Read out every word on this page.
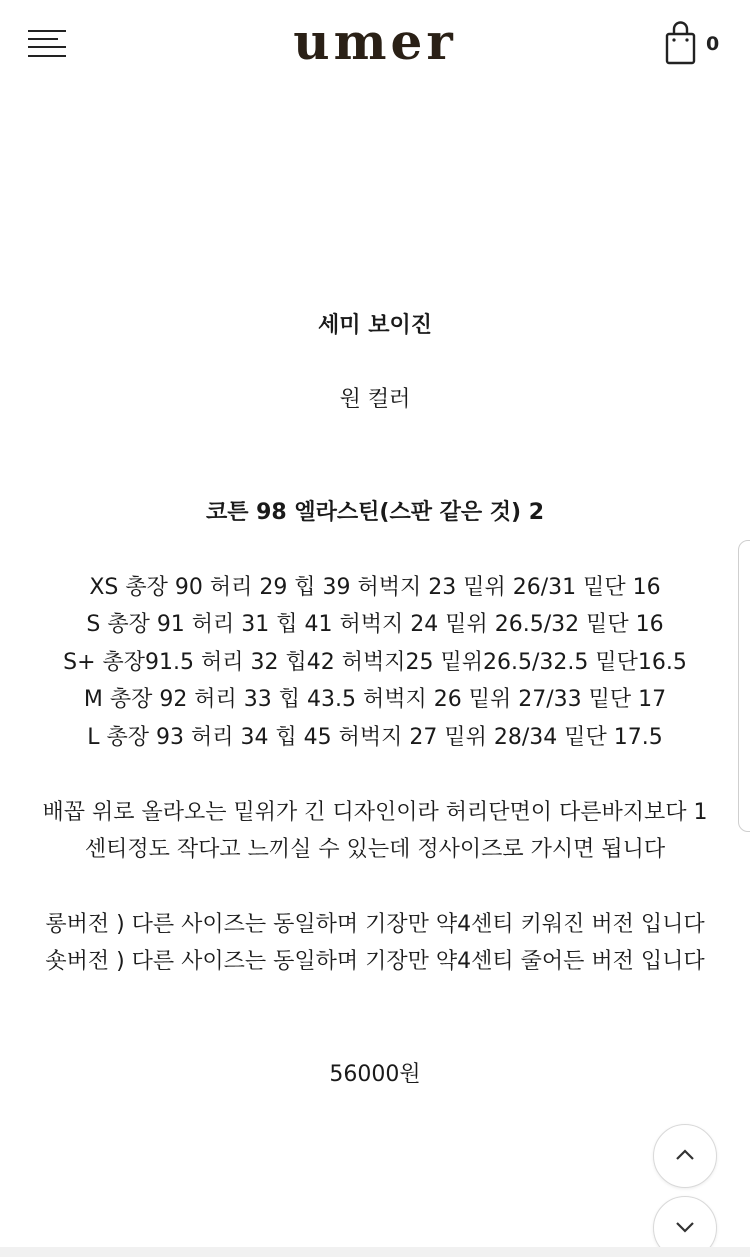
umer	0
세미 보이진
원 컬러
코튼 98 엘라스틴(스판 같은 것) 2
XS 총장 90 허리 29 힙 39 허벅지 23 밑위 26/31 밑단 16
S 총장 91 허리 31 힙 41 허벅지 24 밑위 26.5/32 밑단 16
S+ 총장91.5 허리 32 힙42 허벅지25 밑위26.5/32.5 밑단16.5
M 총장 92 허리 33 힙 43.5 허벅지 26 밑위 27/33 밑단 17
L 총장 93 허리 34 힙 45 허벅지 27 밑위 28/34 밑단 17.5
배꼽 위로 올라오는 밑위가 긴 디자인이라 허리단면이 다른바지보다 1
센티정도 작다고 느끼실 수 있는데 정사이즈로 가시면 됩니다
롱버전 ) 다른 사이즈는 동일하며 기장만 약4센티 키워진 버전 입니다
숏버전 ) 다른 사이즈는 동일하며 기장만 약4센티 줄어든 버전 입니다
56000원
